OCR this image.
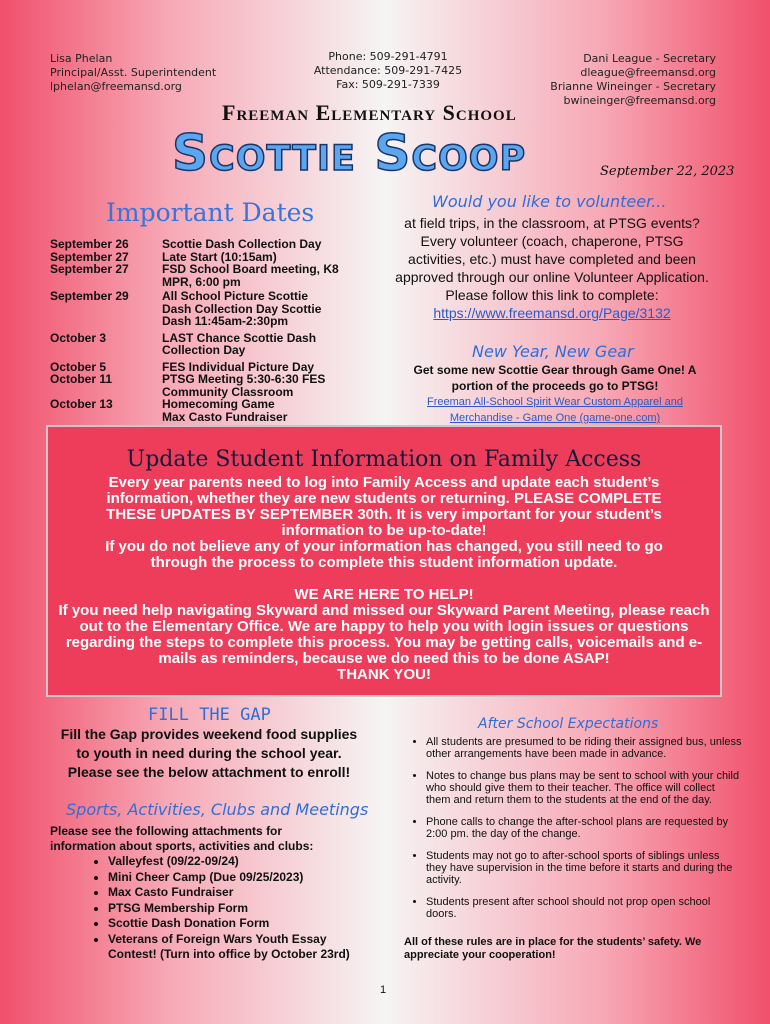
Lisa Phelan
Principal/Asst. Superintendent
lphelan@freemansd.org
Phone: 509-291-4791
Attendance: 509-291-7425
Fax: 509-291-7339
Dani League - Secretary
dleague@freemansd.org
Brianne Wineinger - Secretary
bwineinger@freemansd.org
Freeman Elementary School
Scottie Scoop	September 22, 2023
Important Dates
September 26	Scottie Dash Collection Day
September 27	Late Start (10:15am)
September 27	FSD School Board meeting, K8 MPR, 6:00 pm
September 29	All School Picture Scottie Dash Collection Day Scottie Dash 11:45am-2:30pm
October 3	LAST Chance Scottie Dash Collection Day
October 5	FES Individual Picture Day
October 11	PTSG Meeting 5:30-6:30 FES Community Classroom
October 13	Homecoming Game Max Casto Fundraiser
Would you like to volunteer...
at field trips, in the classroom, at PTSG events? Every volunteer (coach, chaperone, PTSG activities, etc.) must have completed and been approved through our online Volunteer Application. Please follow this link to complete: https://www.freemansd.org/Page/3132
New Year, New Gear
Get some new Scottie Gear through Game One! A portion of the proceeds go to PTSG!
Freeman All-School Spirit Wear Custom Apparel and Merchandise - Game One (game-one.com)
Update Student Information on Family Access
Every year parents need to log into Family Access and update each student’s information, whether they are new students or returning. PLEASE COMPLETE THESE UPDATES BY SEPTEMBER 30th. It is very important for your student’s information to be up-to-date!
If you do not believe any of your information has changed, you still need to go through the process to complete this student information update.
WE ARE HERE TO HELP!
If you need help navigating Skyward and missed our Skyward Parent Meeting, please reach out to the Elementary Office. We are happy to help you with login issues or questions regarding the steps to complete this process. You may be getting calls, voicemails and e-mails as reminders, because we do need this to be done ASAP!
THANK YOU!
FILL THE GAP
Fill the Gap provides weekend food supplies to youth in need during the school year. Please see the below attachment to enroll!
Sports, Activities, Clubs and Meetings
Please see the following attachments for information about sports, activities and clubs:
• Valleyfest (09/22-09/24)
• Mini Cheer Camp (Due 09/25/2023)
• Max Casto Fundraiser
• PTSG Membership Form
• Scottie Dash Donation Form
• Veterans of Foreign Wars Youth Essay Contest! (Turn into office by October 23rd)
After School Expectations
• All students are presumed to be riding their assigned bus, unless other arrangements have been made in advance.
• Notes to change bus plans may be sent to school with your child who should give them to their teacher. The office will collect them and return them to the students at the end of the day.
• Phone calls to change the after-school plans are requested by 2:00 pm. the day of the change.
• Students may not go to after-school sports of siblings unless they have supervision in the time before it starts and during the activity.
• Students present after school should not prop open school doors.
All of these rules are in place for the students’ safety. We appreciate your cooperation!
1
